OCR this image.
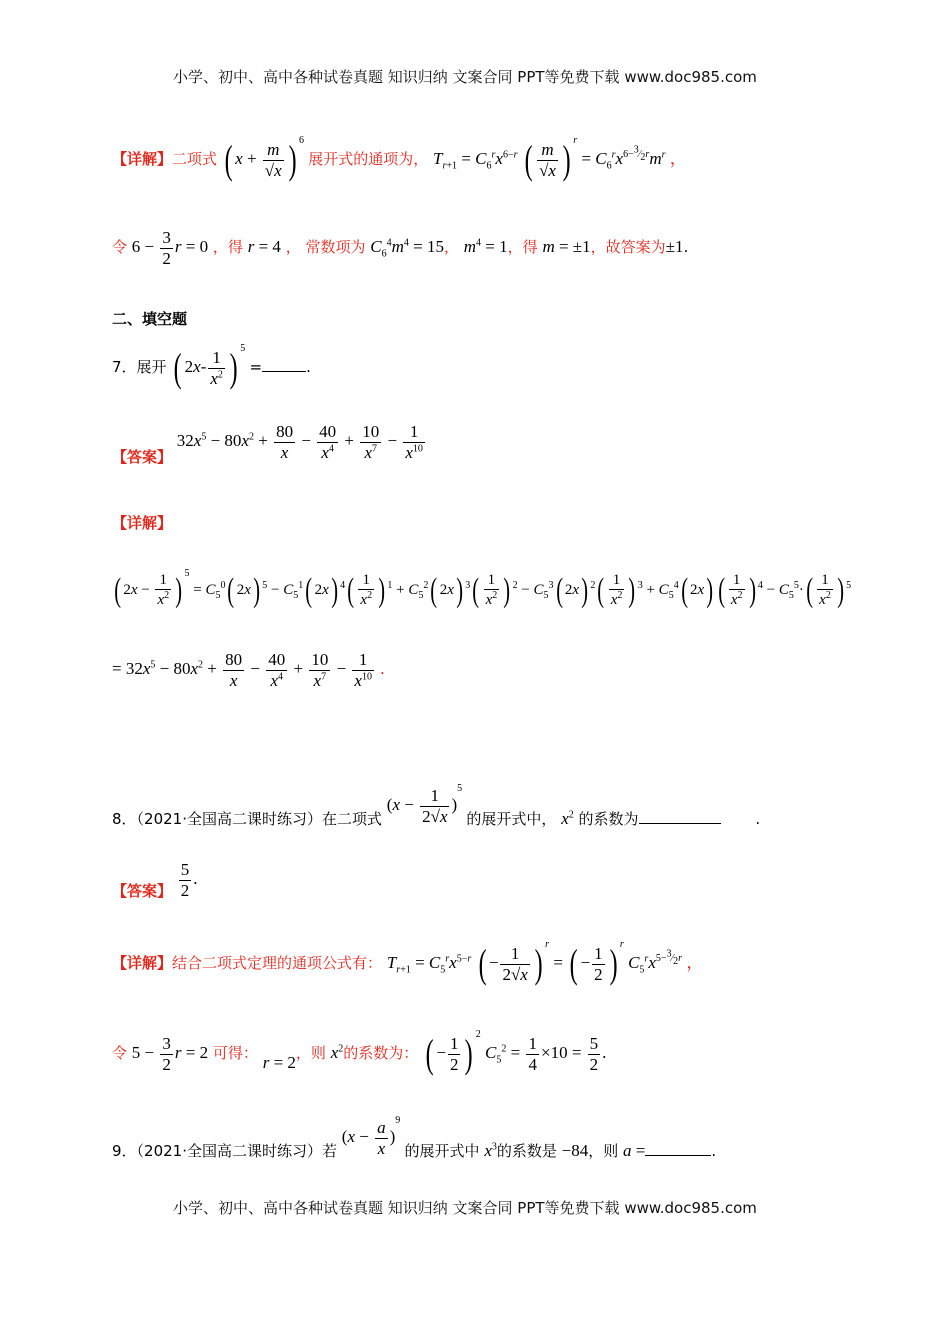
小学、初中、高中各种试卷真题 知识归纳 文案合同 PPT等免费下载 www.doc985.com
【详解】二项式 ( $x + \frac{m}{√x}$ ) $^6$ 展开式的通项为， $T_{r+1} = C_6^rx^{6-r}$ ( $\frac{m}{√x}$ ) $^r = C_6^rx^{6-^3⁄_2r}m^r$ ，
令 $6 - \frac{3}{2}$ r = 0 ，得 r = 4 ， 常数项为 $C_6^4m^4 = 15$， $m^4 = 1$，得 m = ±1，故答案为±1.
二、填空题
7．展开 ( $2x- \frac{1}{x^2}$ ) $^5$ =	.
【答案】 $32x^5 - 80x^2 + \frac{80}{x} - \frac{40}{x^4} + \frac{10}{x^7} - \frac{1}{x^{10}}$
【详解】
( $2x - \frac{1}{x^2}$ ) $^5 = C_5^0$( 2x) $^5 - C_5^1$( 2x) $^4( \frac{1}{x^2}$ ) $^1 + C_5^2$( 2x) $^3( \frac{1}{x^2}$ ) $^2 - C_5^3$( 2x) $^2( \frac{1}{x^2}$ ) $^3 + C_5^4$( 2x) ( $\frac{1}{x^2}$ ) $^4 - C_5^5\cdot( \frac{1}{x^2}$ ) $^5$
= $32x^5 - 80x^2 + \frac{80}{x} - \frac{40}{x^4} + \frac{10}{x^7} - \frac{1}{x^{10}}$ .
8．（2021·全国高二课时练习）在二项式 $(x - \frac{1}{2√x} )^5$ 的展开式中， $x^2$ 的系数为	.
【答案】 $\frac{5}{2}$ .
【详解】结合二项式定理的通项公式有： $T_{r+1} = C_5^rx^{5-r}$ ( − $\frac{1}{2√x}$ ) $^r$ = ( − $\frac{1}{2}$ ) $^r$ $C_5^rx^{5-^3⁄_2r}$ ，
令 $5 - \frac{3}{2}$ r = 2 可得： r = 2，则 $x^2$的系数为： ( − $\frac{1}{2}$ ) $^2$ $C_5^2 = \frac{1}{4} \times 10 = \frac{5}{2}$ .
9．（2021·全国高二课时练习）若 $(x - \frac{a}{x} )^9$ 的展开式中 $x^3$的系数是 −84，则 a =	.
小学、初中、高中各种试卷真题 知识归纳 文案合同 PPT等免费下载 www.doc985.com
